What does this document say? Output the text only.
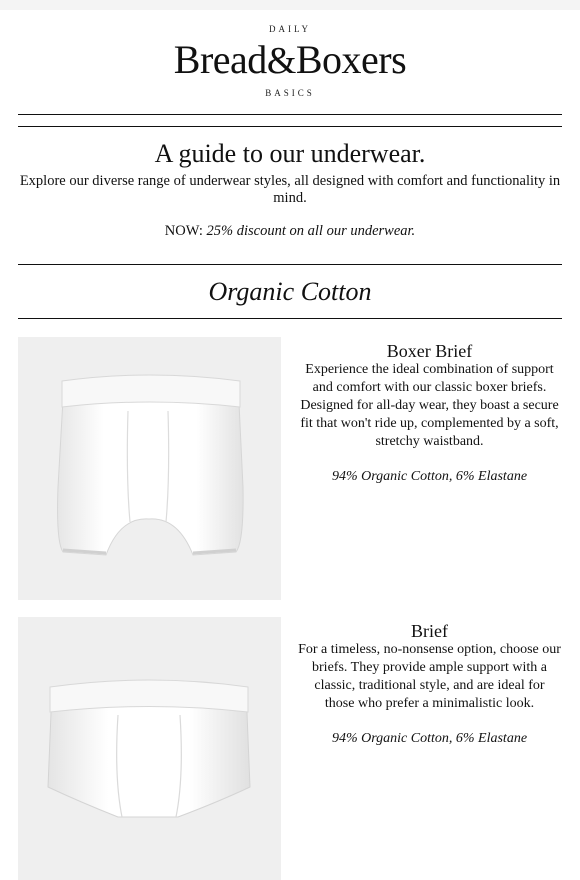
DAILY
Bread&Boxers
BASICS
A guide to our underwear.

Explore our diverse range of underwear styles, all designed with comfort and functionality in mind.

NOW: 25% discount on all our underwear.

Organic Cotton
Boxer Brief

Experience the ideal combination of support and comfort with our classic boxer briefs. Designed for all-day wear, they boast a secure fit that won't ride up, complemented by a soft, stretchy waistband.

94% Organic Cotton, 6% Elastane

Brief

For a timeless, no-nonsense option, choose our briefs. They provide ample support with a classic, traditional style, and are ideal for those who prefer a minimalistic look.

94% Organic Cotton, 6% Elastane
